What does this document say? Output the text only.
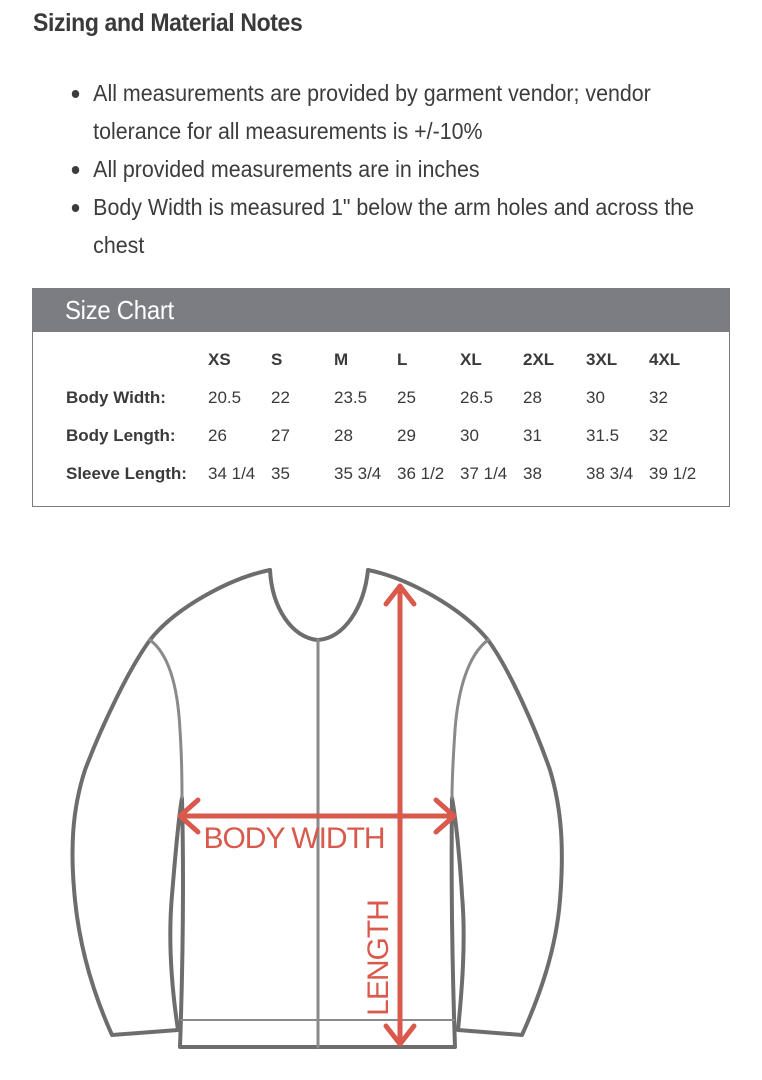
Sizing and Material Notes
All measurements are provided by garment vendor; vendor tolerance for all measurements is +/-10%
All provided measurements are in inches
Body Width is measured 1" below the arm holes and across the chest
Size Chart
	XS	S	M	L	XL	2XL	3XL	4XL
Body Width:	20.5	22	23.5	25	26.5	28	30	32
Body Length:	26	27	28	29	30	31	31.5	32
Sleeve Length:	34 1/4	35	35 3/4	36 1/2	37 1/4	38	38 3/4	39 1/2
BODY WIDTH
LENGTH
